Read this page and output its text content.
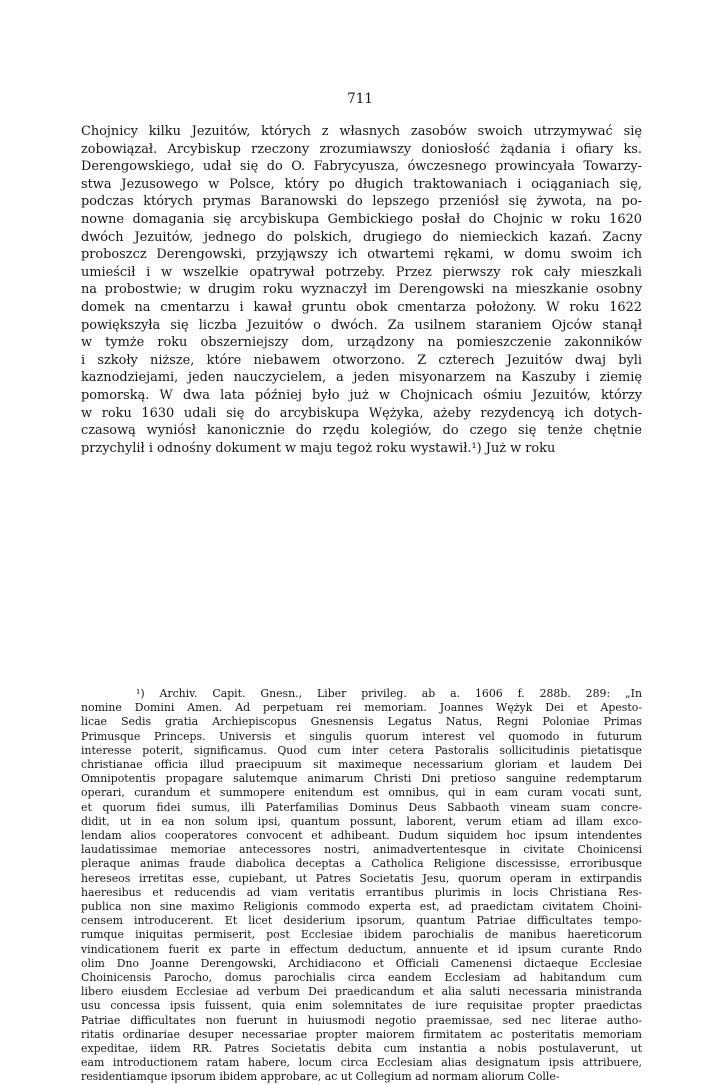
711
Chojnicy kilku Jezuitów, których z własnych zasobów swoich utrzymywać się
zobowiązał. Arcybiskup rzeczony zrozumiawszy doniosłość żądania i ofiary ks.
Derengowskiego, udał się do O. Fabrycyusza, ówczesnego prowincyała Towarzy-
stwa Jezusowego w Polsce, który po długich traktowaniach i ociąganiach się,
podczas których prymas Baranowski do lepszego przeniósł się żywota, na po-
nowne domagania się arcybiskupa Gembickiego posłał do Chojnic w roku 1620
dwóch Jezuitów, jednego do polskich, drugiego do niemieckich kazań. Zacny
proboszcz Derengowski, przyjąwszy ich otwartemi rękami, w domu swoim ich
umieścił i w wszelkie opatrywał potrzeby. Przez pierwszy rok cały mieszkali
na probostwie; w drugim roku wyznaczył im Derengowski na mieszkanie osobny
domek na cmentarzu i kawał gruntu obok cmentarza położony. W roku 1622
powiększyła się liczba Jezuitów o dwóch. Za usilnem staraniem Ojców stanął
w tymże roku obszerniejszy dom, urządzony na pomieszczenie zakonników
i szkoły niższe, które niebawem otworzono. Z czterech Jezuitów dwaj byli
kaznodziejami, jeden nauczycielem, a jeden misyonarzem na Kaszuby i ziemię
pomorską. W dwa lata później było już w Chojnicach ośmiu Jezuitów, którzy
w roku 1630 udali się do arcybiskupa Wężyka, ażeby rezydencyą ich dotych-
czasową wyniósł kanonicznie do rzędu kolegiów, do czego się tenże chętnie
przychylił i odnośny dokument w maju tegoż roku wystawił.¹) Już w roku
¹) Archiv. Capit. Gnesn., Liber privileg. ab a. 1606 f. 288b. 289: „In
nomine Domini Amen. Ad perpetuam rei memoriam. Joannes Wężyk Dei et Apesto-
licae Sedis gratia Archiepiscopus Gnesnensis Legatus Natus, Regni Poloniae Primas
Primusque Princeps. Universis et singulis quorum interest vel quomodo in futurum
interesse poterit, significamus. Quod cum inter cetera Pastoralis sollicitudinis pietatisque
christianae officia illud praecipuum sit maximeque necessarium gloriam et laudem Dei
Omnipotentis propagare salutemque animarum Christi Dni pretioso sanguine redemptarum
operari, curandum et summopere enitendum est omnibus, qui in eam curam vocati sunt,
et quorum fidei sumus, illi Paterfamilias Dominus Deus Sabbaoth vineam suam concre-
didit, ut in ea non solum ipsi, quantum possunt, laborent, verum etiam ad illam exco-
lendam alios cooperatores convocent et adhibeant. Dudum siquidem hoc ipsum intendentes
laudatissimae memoriae antecessores nostri, animadvertentesque in civitate Choinicensi
pleraque animas fraude diabolica deceptas a Catholica Religione discessisse, erroribusque
hereseos irretitas esse, cupiebant, ut Patres Societatis Jesu, quorum operam in extirpandis
haeresibus et reducendis ad viam veritatis errantibus plurimis in locis Christiana Res-
publica non sine maximo Religionis commodo experta est, ad praedictam civitatem Choini-
censem introducerent. Et licet desiderium ipsorum, quantum Patriae difficultates tempo-
rumque iniquitas permiserit, post Ecclesiae ibidem parochialis de manibus haereticorum
vindicationem fuerit ex parte in effectum deductum, annuente et id ipsum curante Rndo
olim Dno Joanne Derengowski, Archidiacono et Officiali Camenensi dictaeque Ecclesiae
Choinicensis Parocho, domus parochialis circa eandem Ecclesiam ad habitandum cum
libero eiusdem Ecclesiae ad verbum Dei praedicandum et alia saluti necessaria ministranda
usu concessa ipsis fuissent, quia enim solemnitates de iure requisitae propter praedictas
Patriae difficultates non fuerunt in huiusmodi negotio praemissae, sed nec literae autho-
ritatis ordinariae desuper necessariae propter maiorem firmitatem ac posteritatis memoriam
expeditae, iidem RR. Patres Societatis debita cum instantia a nobis postulaverunt, ut
eam introductionem ratam habere, locum circa Ecclesiam alias designatum ipsis attribuere,
residentiamque ipsorum ibidem approbare, ac ut Collegium ad normam aliorum Colle-
